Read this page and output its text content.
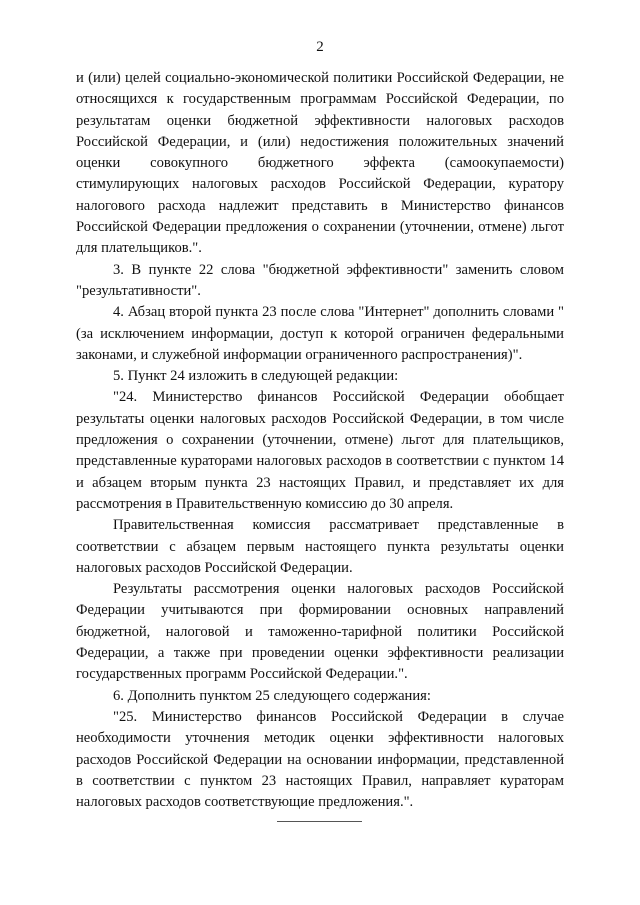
2

и (или) целей социально-экономической политики Российской Федерации, не относящихся к государственным программам Российской Федерации, по результатам оценки бюджетной эффективности налоговых расходов Российской Федерации, и (или) недостижения положительных значений оценки совокупного бюджетного эффекта (самоокупаемости) стимулирующих налоговых расходов Российской Федерации, куратору налогового расхода надлежит представить в Министерство финансов Российской Федерации предложения о сохранении (уточнении, отмене) льгот для плательщиков.".

3. В пункте 22 слова "бюджетной эффективности" заменить словом "результативности".

4. Абзац второй пункта 23 после слова "Интернет" дополнить словами "(за исключением информации, доступ к которой ограничен федеральными законами, и служебной информации ограниченного распространения)".

5. Пункт 24 изложить в следующей редакции:

"24. Министерство финансов Российской Федерации обобщает результаты оценки налоговых расходов Российской Федерации, в том числе предложения о сохранении (уточнении, отмене) льгот для плательщиков, представленные кураторами налоговых расходов в соответствии с пунктом 14 и абзацем вторым пункта 23 настоящих Правил, и представляет их для рассмотрения в Правительственную комиссию до 30 апреля.

Правительственная комиссия рассматривает представленные в соответствии с абзацем первым настоящего пункта результаты оценки налоговых расходов Российской Федерации.

Результаты рассмотрения оценки налоговых расходов Российской Федерации учитываются при формировании основных направлений бюджетной, налоговой и таможенно-тарифной политики Российской Федерации, а также при проведении оценки эффективности реализации государственных программ Российской Федерации.".

6. Дополнить пунктом 25 следующего содержания:

"25. Министерство финансов Российской Федерации в случае необходимости уточнения методик оценки эффективности налоговых расходов Российской Федерации на основании информации, представленной в соответствии с пунктом 23 настоящих Правил, направляет кураторам налоговых расходов соответствующие предложения.".
